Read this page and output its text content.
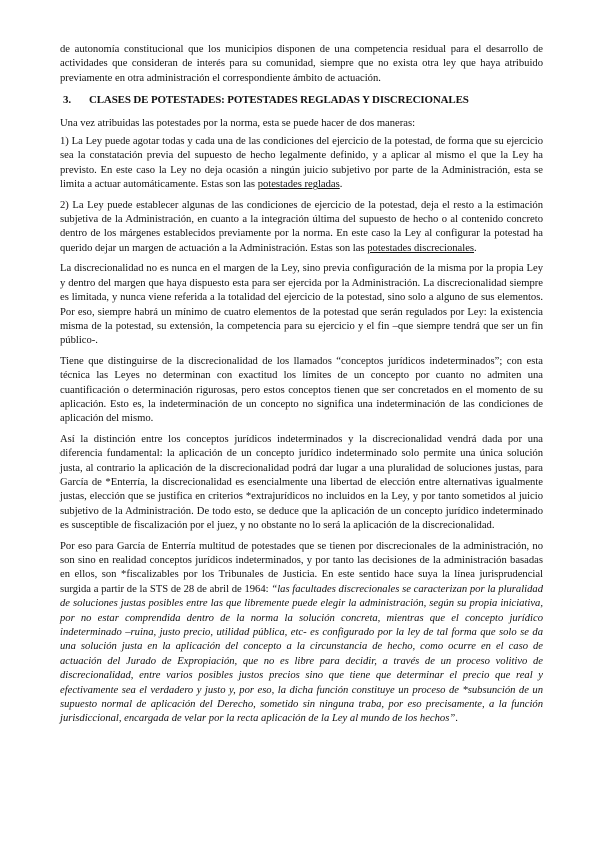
de autonomía constitucional que los municipios disponen de una competencia residual para el desarrollo de actividades que consideran de interés para su comunidad, siempre que no exista otra ley que haya atribuido previamente en otra administración el correspondiente ámbito de actuación.

3. CLASES DE POTESTADES: POTESTADES REGLADAS Y DISCRECIONALES

Una vez atribuidas las potestades por la norma, esta se puede hacer de dos maneras:

1) La Ley puede agotar todas y cada una de las condiciones del ejercicio de la potestad, de forma que su ejercicio sea la constatación previa del supuesto de hecho legalmente definido, y a aplicar al mismo el que la Ley ha previsto. En este caso la Ley no deja ocasión a ningún juicio subjetivo por parte de la Administración, esta se limita a actuar automáticamente. Estas son las potestades regladas.

2) La Ley puede establecer algunas de las condiciones de ejercicio de la potestad, deja el resto a la estimación subjetiva de la Administración, en cuanto a la integración última del supuesto de hecho o al contenido concreto dentro de los márgenes establecidos previamente por la norma. En este caso la Ley al configurar la potestad ha querido dejar un margen de actuación a la Administración. Estas son las potestades discrecionales.

La discrecionalidad no es nunca en el margen de la Ley, sino previa configuración de la misma por la propia Ley y dentro del margen que haya dispuesto esta para ser ejercida por la Administración. La discrecionalidad siempre es limitada, y nunca viene referida a la totalidad del ejercicio de la potestad, sino solo a alguno de sus elementos. Por eso, siempre habrá un mínimo de cuatro elementos de la potestad que serán regulados por Ley: la existencia misma de la potestad, su extensión, la competencia para su ejercicio y el fin –que siempre tendrá que ser un fin público-.

Tiene que distinguirse de la discrecionalidad de los llamados “conceptos jurídicos indeterminados”; con esta técnica las Leyes no determinan con exactitud los límites de un concepto por cuanto no admiten una cuantificación o determinación rigurosas, pero estos conceptos tienen que ser concretados en el momento de su aplicación. Esto es, la indeterminación de un concepto no significa una indeterminación de las condiciones de aplicación del mismo.

Así la distinción entre los conceptos jurídicos indeterminados y la discrecionalidad vendrá dada por una diferencia fundamental: la aplicación de un concepto jurídico indeterminado solo permite una única solución justa, al contrario la aplicación de la discrecionalidad podrá dar lugar a una pluralidad de soluciones justas, para García de *Enterría, la discrecionalidad es esencialmente una libertad de elección entre alternativas igualmente justas, elección que se justifica en criterios *extrajurídicos no incluidos en la Ley, y por tanto sometidos al juicio subjetivo de la Administración. De todo esto, se deduce que la aplicación de un concepto jurídico indeterminado es susceptible de fiscalización por el juez, y no obstante no lo será la aplicación de la discrecionalidad.

Por eso para García de Enterría multitud de potestades que se tienen por discrecionales de la administración, no son sino en realidad conceptos jurídicos indeterminados, y por tanto las decisiones de la administración basadas en ellos, son *fiscalizables por los Tribunales de Justicia. En este sentido hace suya la línea jurisprudencial surgida a partir de la STS de 28 de abril de 1964: “las facultades discrecionales se caracterizan por la pluralidad de soluciones justas posibles entre las que libremente puede elegir la administración, según su propia iniciativa, por no estar comprendida dentro de la norma la solución concreta, mientras que el concepto jurídico indeterminado –ruina, justo precio, utilidad pública, etc- es configurado por la ley de tal forma que solo se da una solución justa en la aplicación del concepto a la circunstancia de hecho, como ocurre en el caso de actuación del Jurado de Expropiación, que no es libre para decidir, a través de un proceso volitivo de discrecionalidad, entre varios posibles justos precios sino que tiene que determinar el precio que real y efectivamente sea el verdadero y justo y, por eso, la dicha función constituye un proceso de *subsunción de un supuesto normal de aplicación del Derecho, sometido sin ninguna traba, por eso precisamente, a la función jurisdiccional, encargada de velar por la recta aplicación de la Ley al mundo de los hechos”.
